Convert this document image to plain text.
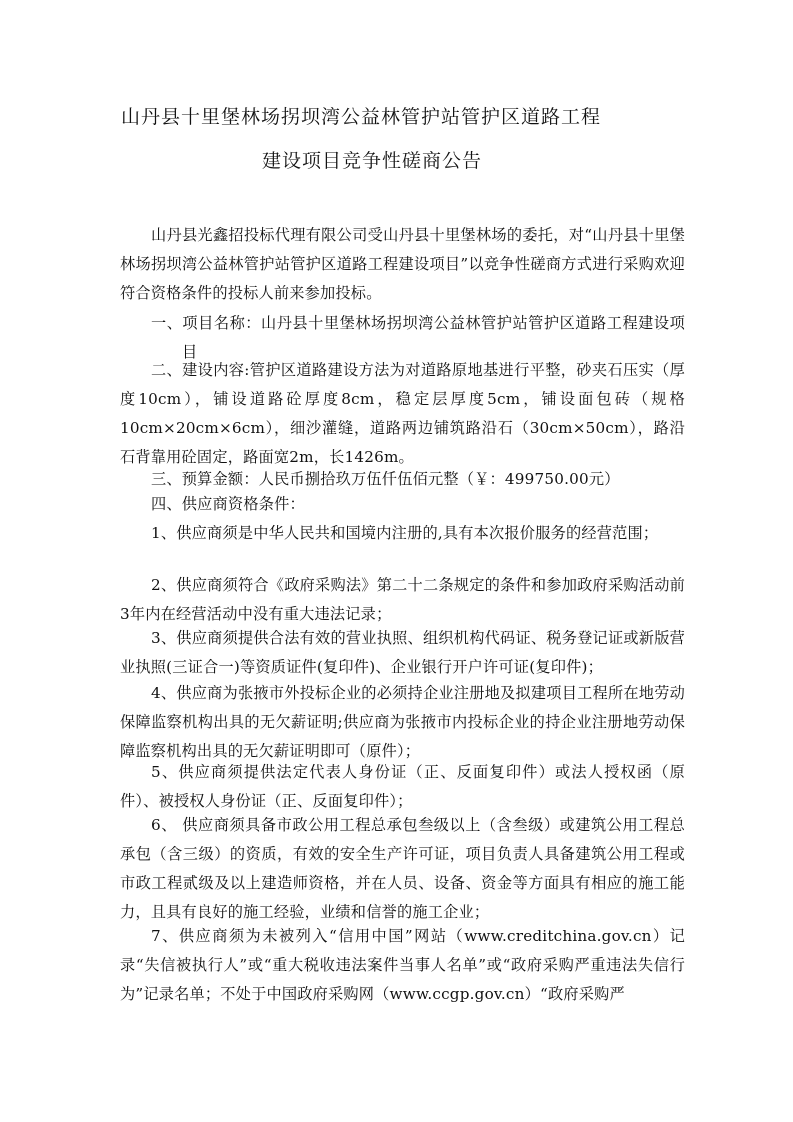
山丹县十里堡林场拐坝湾公益林管护站管护区道路工程
建设项目竞争性磋商公告
山丹县光鑫招投标代理有限公司受山丹县十里堡林场的委托，对“山丹县十里堡林场拐坝湾公益林管护站管护区道路工程建设项目”以竞争性磋商方式进行采购欢迎符合资格条件的投标人前来参加投标。
一、项目名称：山丹县十里堡林场拐坝湾公益林管护站管护区道路工程建设项目
二、建设内容:管护区道路建设方法为对道路原地基进行平整，砂夹石压实（厚度10cm），铺设道路砼厚度8cm，稳定层厚度5cm，铺设面包砖（规格10cm×20cm×6cm），细沙灌缝，道路两边铺筑路沿石（30cm×50cm），路沿石背靠用砼固定，路面宽2m，长1426m。
三、预算金额：人民币捌拾玖万伍仟伍佰元整（￥：499750.00元）
四、供应商资格条件：
1、供应商须是中华人民共和国境内注册的,具有本次报价服务的经营范围；
2、供应商须符合《政府采购法》第二十二条规定的条件和参加政府采购活动前3年内在经营活动中没有重大违法记录；
3、供应商须提供合法有效的营业执照、组织机构代码证、税务登记证或新版营业执照(三证合一)等资质证件(复印件)、企业银行开户许可证(复印件)；
4、供应商为张掖市外投标企业的必须持企业注册地及拟建项目工程所在地劳动保障监察机构出具的无欠薪证明;供应商为张掖市内投标企业的持企业注册地劳动保障监察机构出具的无欠薪证明即可（原件）；
5、供应商须提供法定代表人身份证（正、反面复印件）或法人授权函（原件）、被授权人身份证（正、反面复印件）；
6、 供应商须具备市政公用工程总承包叁级以上（含叁级）或建筑公用工程总承包（含三级）的资质，有效的安全生产许可证，项目负责人具备建筑公用工程或市政工程贰级及以上建造师资格，并在人员、设备、资金等方面具有相应的施工能力，且具有良好的施工经验，业绩和信誉的施工企业；
7、供应商须为未被列入“信用中国”网站（www.creditchina.gov.cn）记录“失信被执行人”或“重大税收违法案件当事人名单”或“政府采购严重违法失信行为”记录名单；不处于中国政府采购网（www.ccgp.gov.cn）“政府采购严
